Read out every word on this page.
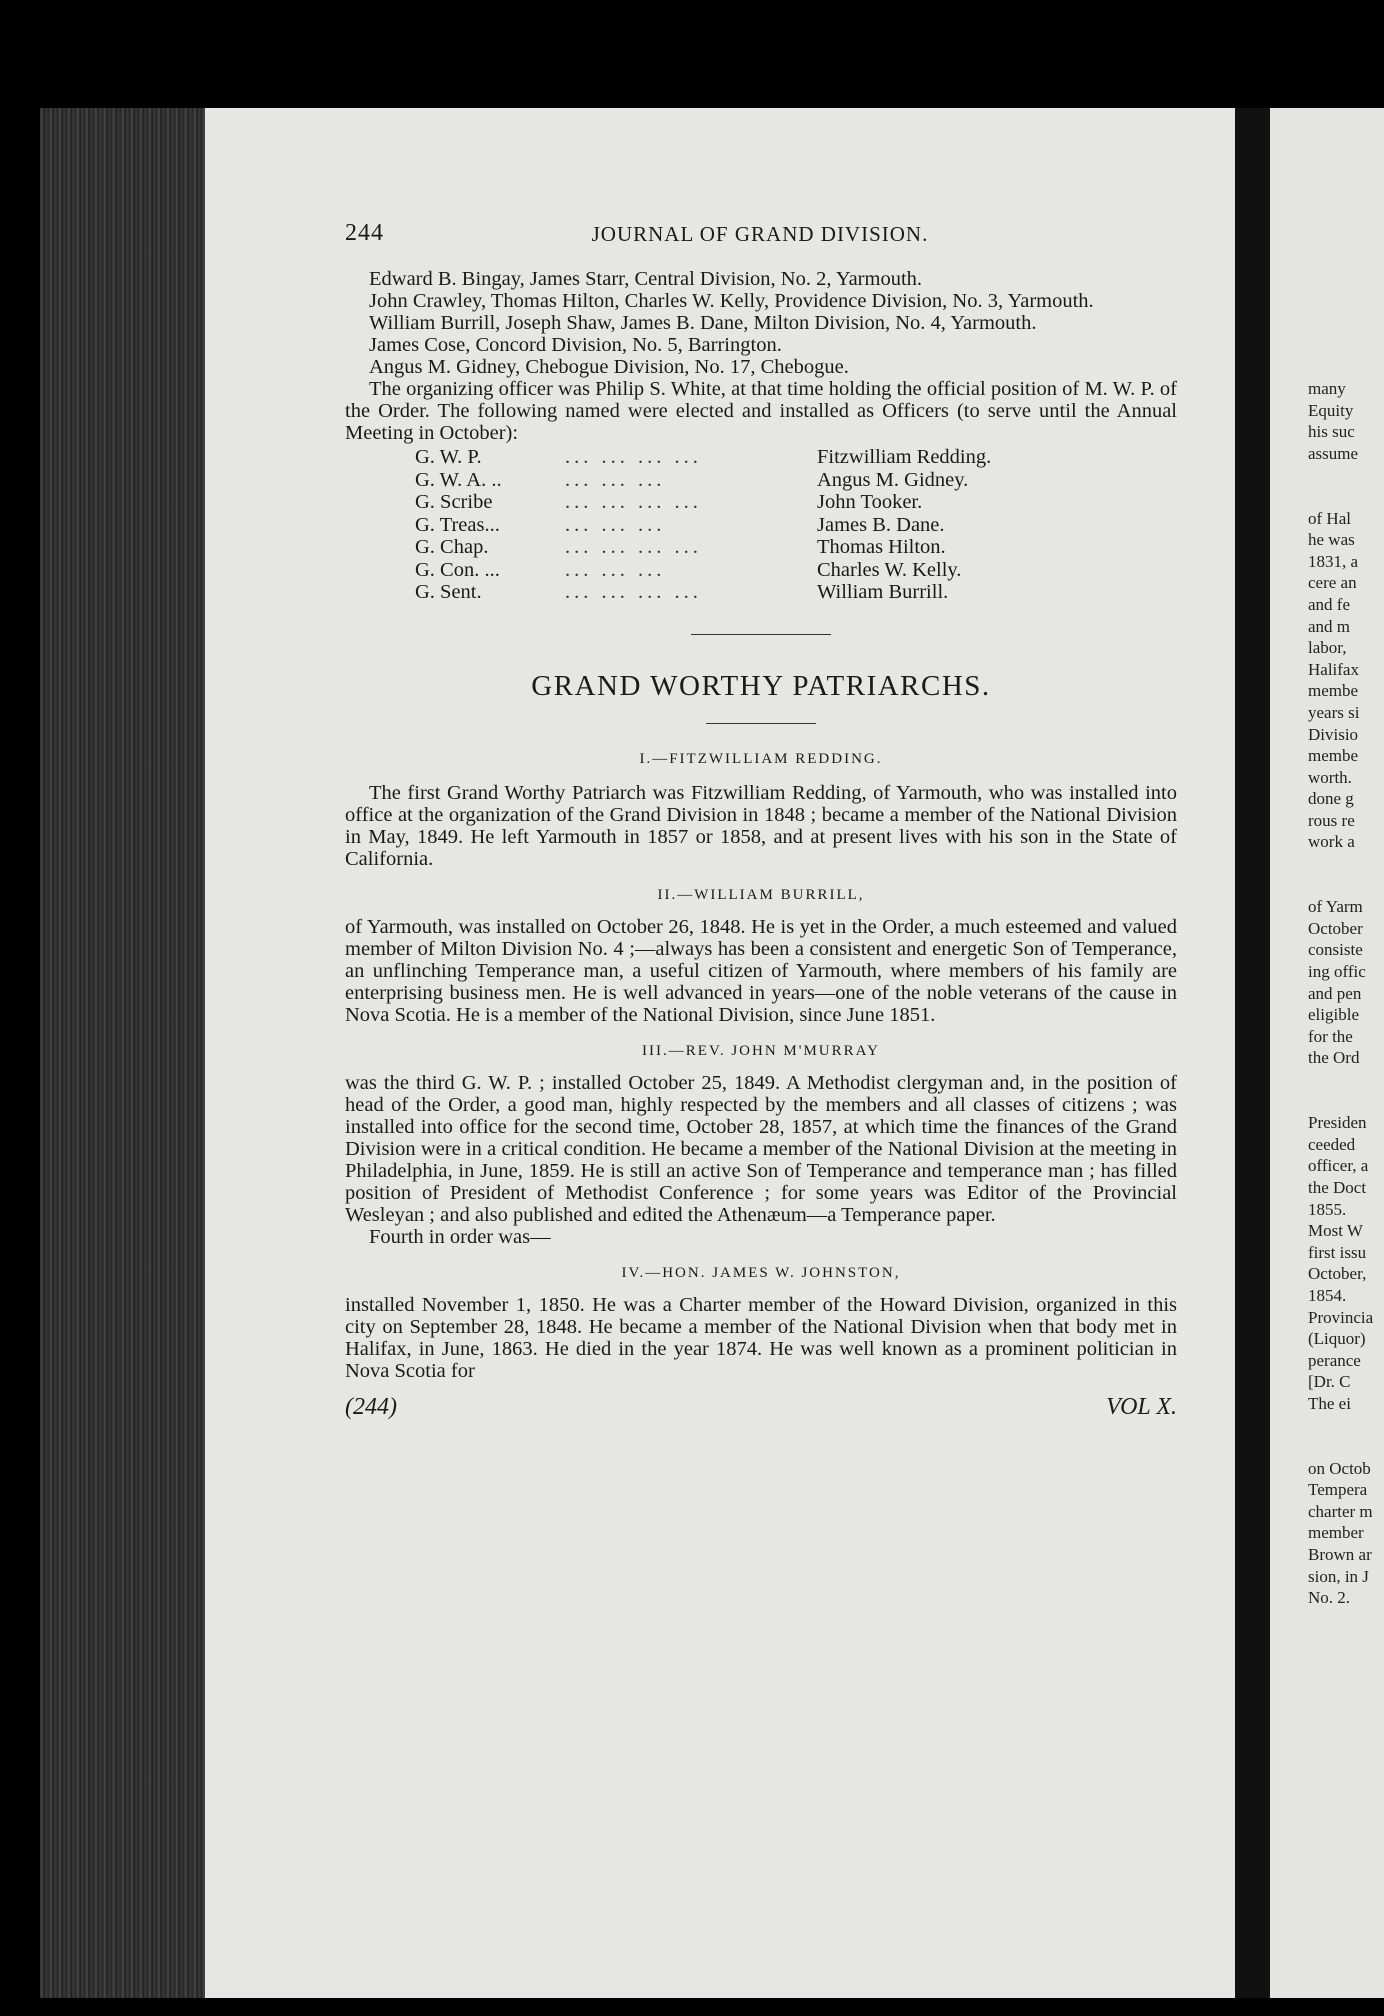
244	JOURNAL OF GRAND DIVISION.

Edward B. Bingay, James Starr, Central Division, No. 2, Yarmouth.

John Crawley, Thomas Hilton, Charles W. Kelly, Providence Division, No. 3, Yarmouth.

William Burrill, Joseph Shaw, James B. Dane, Milton Division, No. 4, Yarmouth.

James Cose, Concord Division, No. 5, Barrington.

Angus M. Gidney, Chebogue Division, No. 17, Chebogue.

The organizing officer was Philip S. White, at that time holding the official position of M. W. P. of the Order. The following named were elected and installed as Officers (to serve until the Annual Meeting in October):

G. W. P.	... ... ... ...	Fitzwilliam Redding.
G. W. A. ..	... ... ...	Angus M. Gidney.
G. Scribe	... ... ... ...	John Tooker.
G. Treas...	... ... ...	James B. Dane.
G. Chap.	... ... ... ...	Thomas Hilton.
G. Con. ...	... ... ...	Charles W. Kelly.
G. Sent.	... ... ... ...	William Burrill.
GRAND WORTHY PATRIARCHS.
I.—FITZWILLIAM REDDING.

The first Grand Worthy Patriarch was Fitzwilliam Redding, of Yarmouth, who was installed into office at the organization of the Grand Division in 1848 ; became a member of the National Division in May, 1849. He left Yarmouth in 1857 or 1858, and at present lives with his son in the State of California.

II.—WILLIAM BURRILL,

of Yarmouth, was installed on October 26, 1848. He is yet in the Order, a much esteemed and valued member of Milton Division No. 4 ;—always has been a consistent and energetic Son of Temperance, an unflinching Temperance man, a useful citizen of Yarmouth, where members of his family are enterprising business men. He is well advanced in years—one of the noble veterans of the cause in Nova Scotia. He is a member of the National Division, since June 1851.

III.—REV. JOHN M'MURRAY

was the third G. W. P. ; installed October 25, 1849. A Methodist clergyman and, in the position of head of the Order, a good man, highly respected by the members and all classes of citizens ; was installed into office for the second time, October 28, 1857, at which time the finances of the Grand Division were in a critical condition. He became a member of the National Division at the meeting in Philadelphia, in June, 1859. He is still an active Son of Temperance and temperance man ; has filled position of President of Methodist Conference ; for some years was Editor of the Provincial Wesleyan ; and also published and edited the Athenæum—a Temperance paper.

Fourth in order was—

IV.—HON. JAMES W. JOHNSTON,

installed November 1, 1850. He was a Charter member of the Howard Division, organized in this city on September 28, 1848. He became a member of the National Division when that body met in Halifax, in June, 1863. He died in the year 1874. He was well known as a prominent politician in Nova Scotia for

(244)	VOL X.
many
Equity
his suc
assume
of Hal
he was
1831, a
cere an
and fe
and m
labor,
Halifax
membe
years si
Divisio
membe
worth.
done g
rous re
work a
of Yarm
October
consiste
ing offic
and pen
eligible
for the
the Ord
Presiden
ceeded
officer, a
the Doct
1855.
Most W
first issu
October,
1854.
Provincia
(Liquor)
perance
[Dr. C
The ei
on Octob
Tempera
charter m
member
Brown ar
sion, in J
No. 2.
